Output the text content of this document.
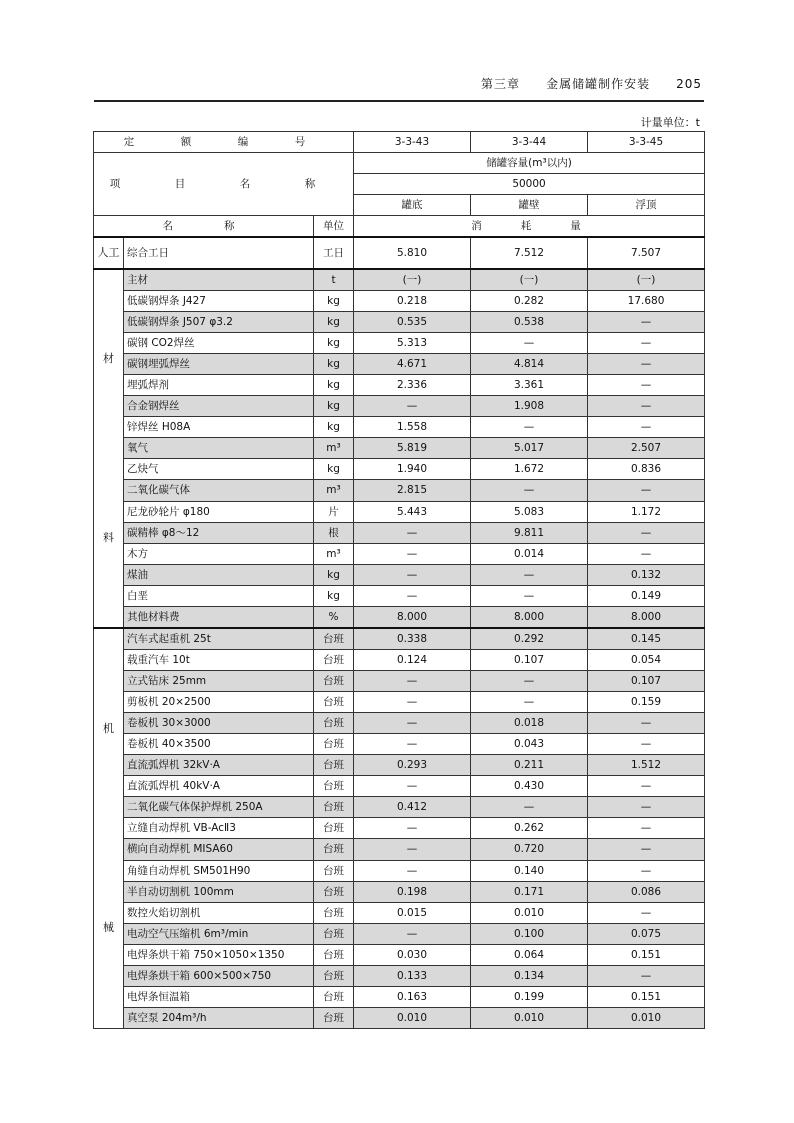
第三章　　 金属储罐制作安装　　 205
计量单位：t
定　额　编　号			3-3-43	3-3-44	3-3-45
项　目　名　称			储罐容量(m³以内)		
			50000		
			罐底	罐壁	浮顶
名　　称		单位	消　　耗　　量		
人工	综合工日	工日	5.810	7.512	7.507

材
料	主材	t	(一)	(一)	(一)
	低碳钢焊条 J427	kg	0.218	0.282	17.680
	低碳钢焊条 J507 φ3.2	kg	0.535	0.538	—
	碳钢 CO2焊丝	kg	5.313	—	—
	碳钢埋弧焊丝	kg	4.671	4.814	—
	埋弧焊剂	kg	2.336	3.361	—
	合金钢焊丝	kg	—	1.908	—
	锌焊丝 H08A	kg	1.558	—	—
	氧气	m³	5.819	5.017	2.507
	乙炔气	kg	1.940	1.672	0.836
	二氧化碳气体	m³	2.815	—	—
	尼龙砂轮片 φ180	片	5.443	5.083	1.172
	碳精棒 φ8～12	根	—	9.811	—
	木方	m³	—	0.014	—
	煤油	kg	—	—	0.132
	白垩	kg	—	—	0.149
	其他材料费	%	8.000	8.000	8.000

机
械	汽车式起重机 25t	台班	0.338	0.292	0.145
	载重汽车 10t	台班	0.124	0.107	0.054
	立式钻床 25mm	台班	—	—	0.107
	剪板机 20×2500	台班	—	—	0.159
	卷板机 30×3000	台班	—	0.018	—
	卷板机 40×3500	台班	—	0.043	—
	直流弧焊机 32kV·A	台班	0.293	0.211	1.512
	直流弧焊机 40kV·A	台班	—	0.430	—
	二氧化碳气体保护焊机 250A	台班	0.412	—	—
	立缝自动焊机 VB-AcⅡ3	台班	—	0.262	—
	横向自动焊机 MISA60	台班	—	0.720	—
	角缝自动焊机 SM501H90	台班	—	0.140	—
	半自动切割机 100mm	台班	0.198	0.171	0.086
	数控火焰切割机	台班	0.015	0.010	—
	电动空气压缩机 6m³/min	台班	—	0.100	0.075
	电焊条烘干箱 750×1050×1350	台班	0.030	0.064	0.151
	电焊条烘干箱 600×500×750	台班	0.133	0.134	—
	电焊条恒温箱	台班	0.163	0.199	0.151
	真空泵 204m³/h	台班	0.010	0.010	0.010
